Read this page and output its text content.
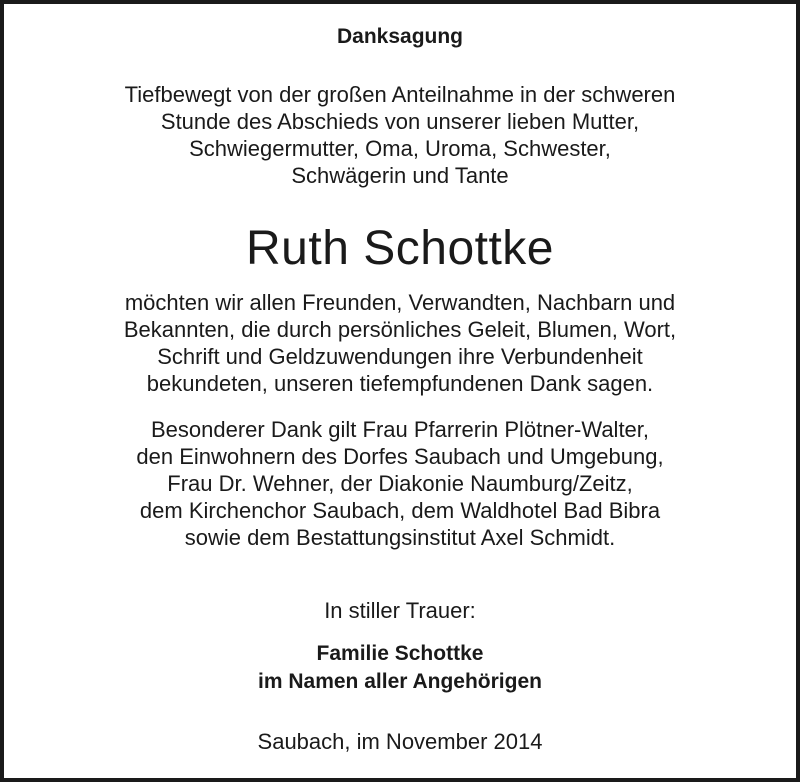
Danksagung
Tiefbewegt von der großen Anteilnahme in der schweren
Stunde des Abschieds von unserer lieben Mutter,
Schwiegermutter, Oma, Uroma, Schwester,
Schwägerin und Tante
Ruth Schottke
möchten wir allen Freunden, Verwandten, Nachbarn und
Bekannten, die durch persönliches Geleit, Blumen, Wort,
Schrift und Geldzuwendungen ihre Verbundenheit
bekundeten, unseren tiefempfundenen Dank sagen.
Besonderer Dank gilt Frau Pfarrerin Plötner-Walter,
den Einwohnern des Dorfes Saubach und Umgebung,
Frau Dr. Wehner, der Diakonie Naumburg/Zeitz,
dem Kirchenchor Saubach, dem Waldhotel Bad Bibra
sowie dem Bestattungsinstitut Axel Schmidt.
In stiller Trauer:
Familie Schottke
im Namen aller Angehörigen
Saubach, im November 2014
